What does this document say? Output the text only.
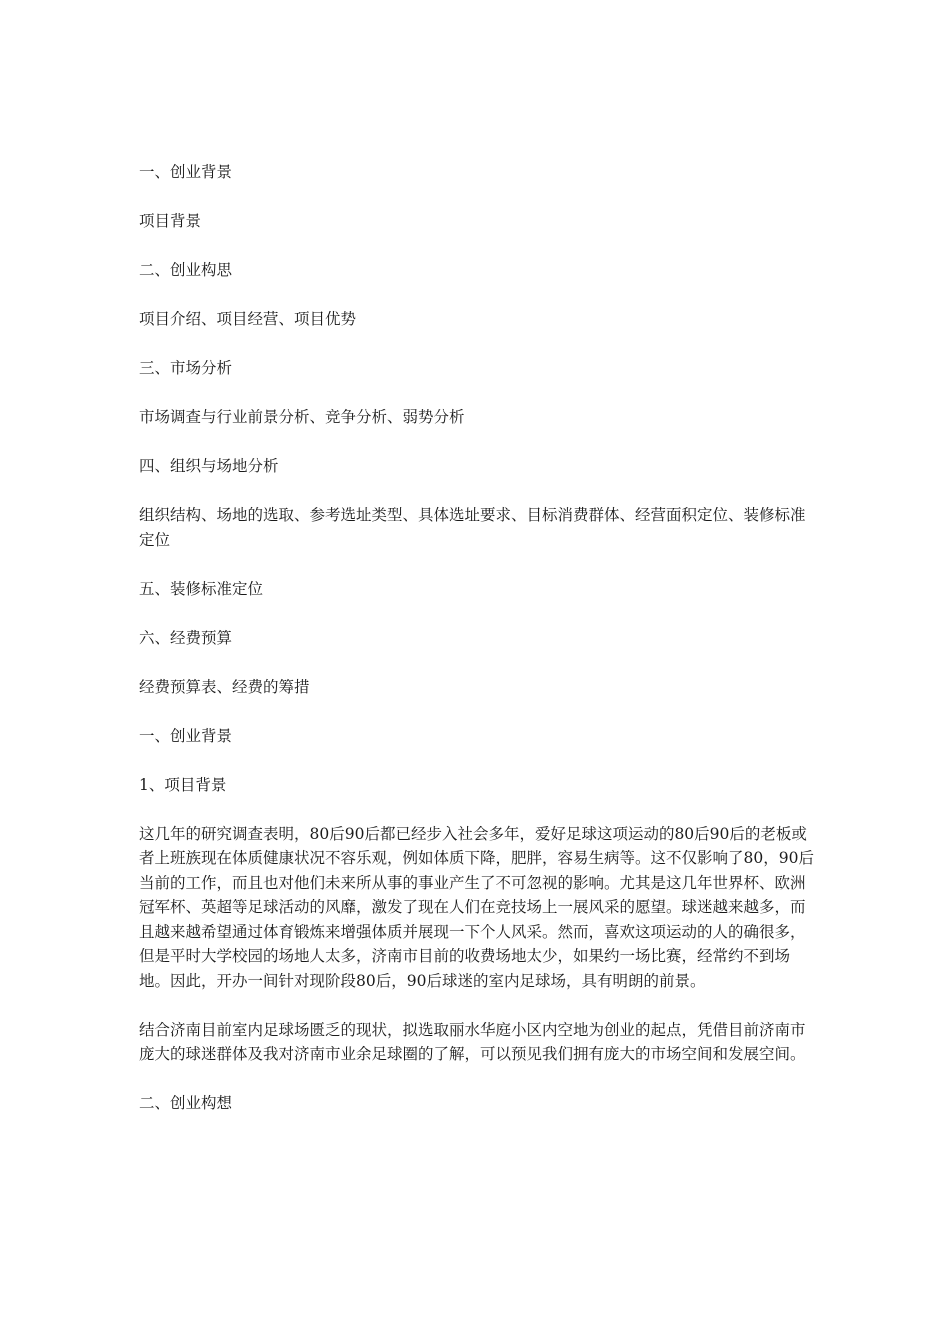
一、创业背景

项目背景

二、创业构思

项目介绍、项目经营、项目优势

三、市场分析

市场调查与行业前景分析、竞争分析、弱势分析

四、组织与场地分析

组织结构、场地的选取、参考选址类型、具体选址要求、目标消费群体、经营面积定位、装修标准定位

五、装修标准定位

六、经费预算

经费预算表、经费的筹措

一、创业背景

1、项目背景

这几年的研究调查表明，80后90后都已经步入社会多年，爱好足球这项运动的80后90后的老板或者上班族现在体质健康状况不容乐观，例如体质下降，肥胖，容易生病等。这不仅影响了80，90后当前的工作，而且也对他们未来所从事的事业产生了不可忽视的影响。尤其是这几年世界杯、欧洲冠军杯、英超等足球活动的风靡，激发了现在人们在竞技场上一展风采的愿望。球迷越来越多，而且越来越希望通过体育锻炼来增强体质并展现一下个人风采。然而，喜欢这项运动的人的确很多，但是平时大学校园的场地人太多，济南市目前的收费场地太少，如果约一场比赛，经常约不到场地。因此，开办一间针对现阶段80后，90后球迷的室内足球场，具有明朗的前景。

结合济南目前室内足球场匮乏的现状，拟选取丽水华庭小区内空地为创业的起点，凭借目前济南市庞大的球迷群体及我对济南市业余足球圈的了解，可以预见我们拥有庞大的市场空间和发展空间。

二、创业构想
